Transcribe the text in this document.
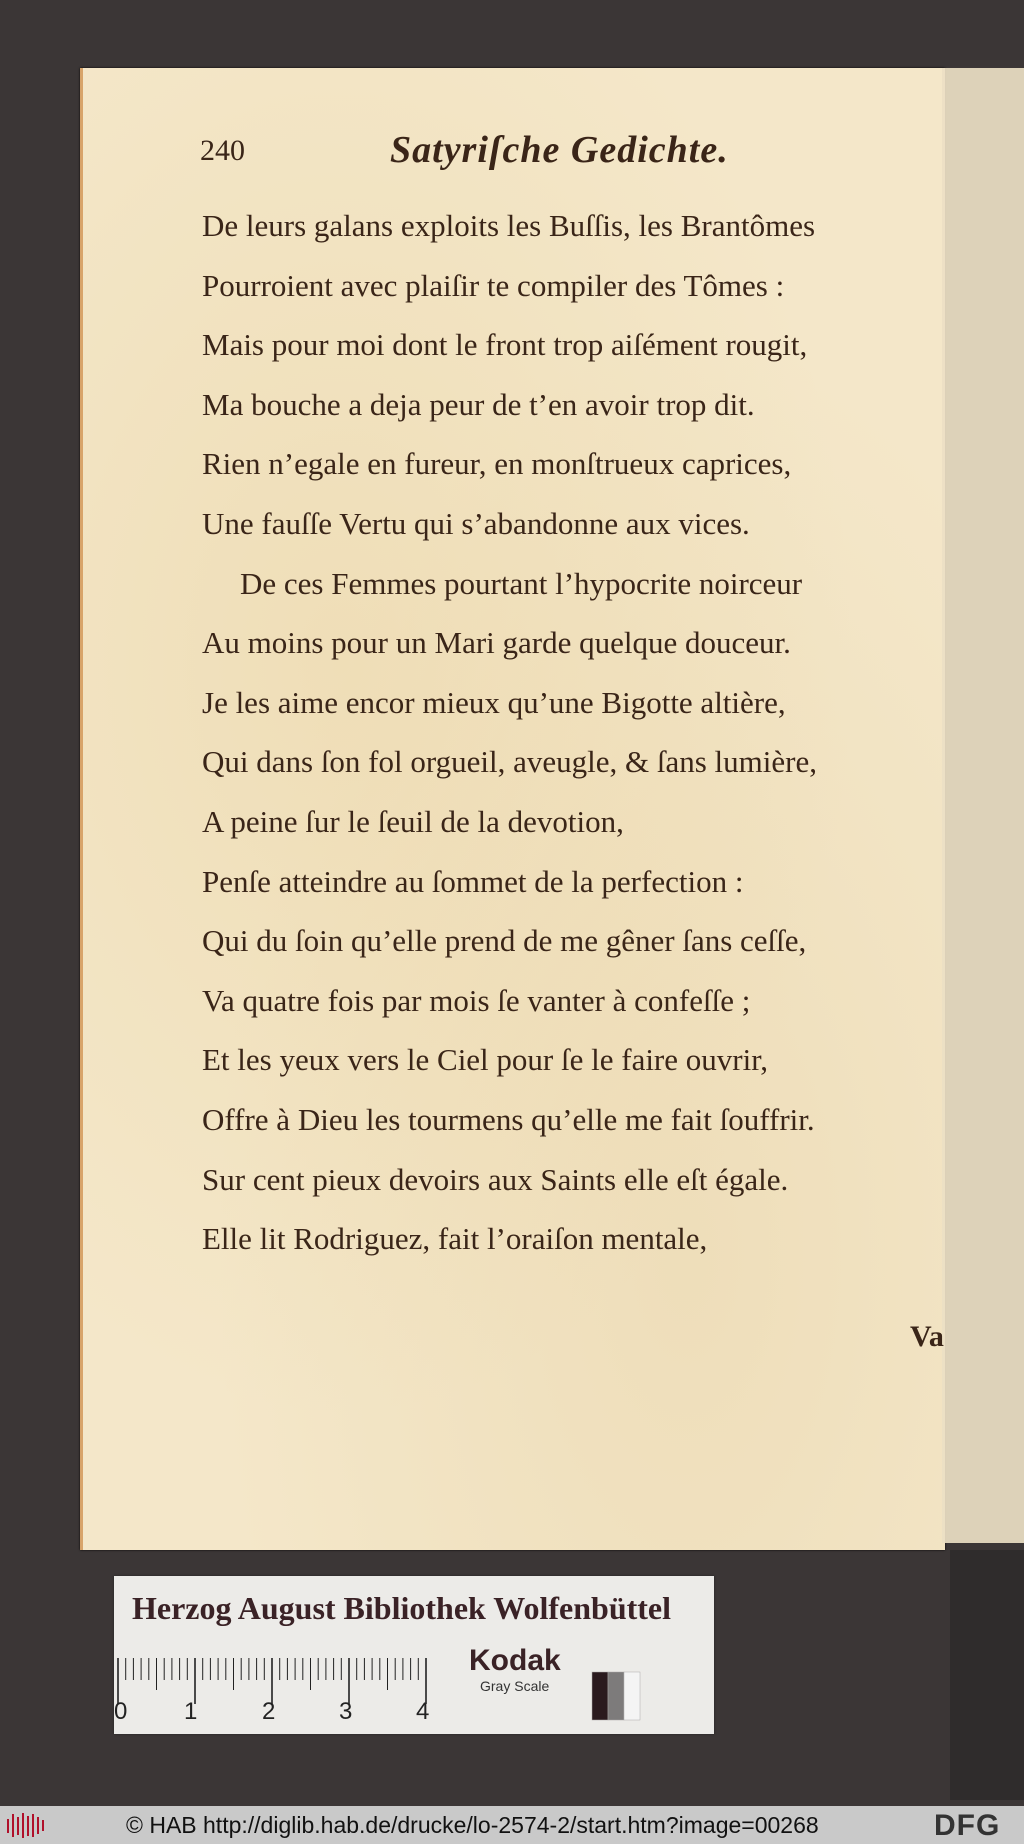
240	Satyriſche Gedichte.
De leurs galans exploits les Buſſis, les Brantômes
Pourroient avec plaiſir te compiler des Tômes :
Mais pour moi dont le front trop aiſément rougit,
Ma bouche a deja peur de t’en avoir trop dit.
Rien n’egale en fureur, en monſtrueux caprices,
Une fauſſe Vertu qui s’abandonne aux vices.
De ces Femmes pourtant l’hypocrite noirceur
Au moins pour un Mari garde quelque douceur.
Je les aime encor mieux qu’une Bigotte altière,
Qui dans ſon fol orgueil, aveugle, & ſans lumière,
A peine ſur le ſeuil de la devotion,
Penſe atteindre au ſommet de la perfection :
Qui du ſoin qu’elle prend de me gêner ſans ceſſe,
Va quatre fois par mois ſe vanter à confeſſe ;
Et les yeux vers le Ciel pour ſe le faire ouvrir,
Offre à Dieu les tourmens qu’elle me fait ſouffrir.
Sur cent pieux devoirs aux Saints elle eſt égale.
Elle lit Rodriguez, fait l’oraiſon mentale,
Va
Herzog August Bibliothek Wolfenbüttel
Kodak
Gray Scale
0 1	2	3	4
© HAB http://diglib.hab.de/drucke/lo-2574-2/start.htm?image=00268	DFG
